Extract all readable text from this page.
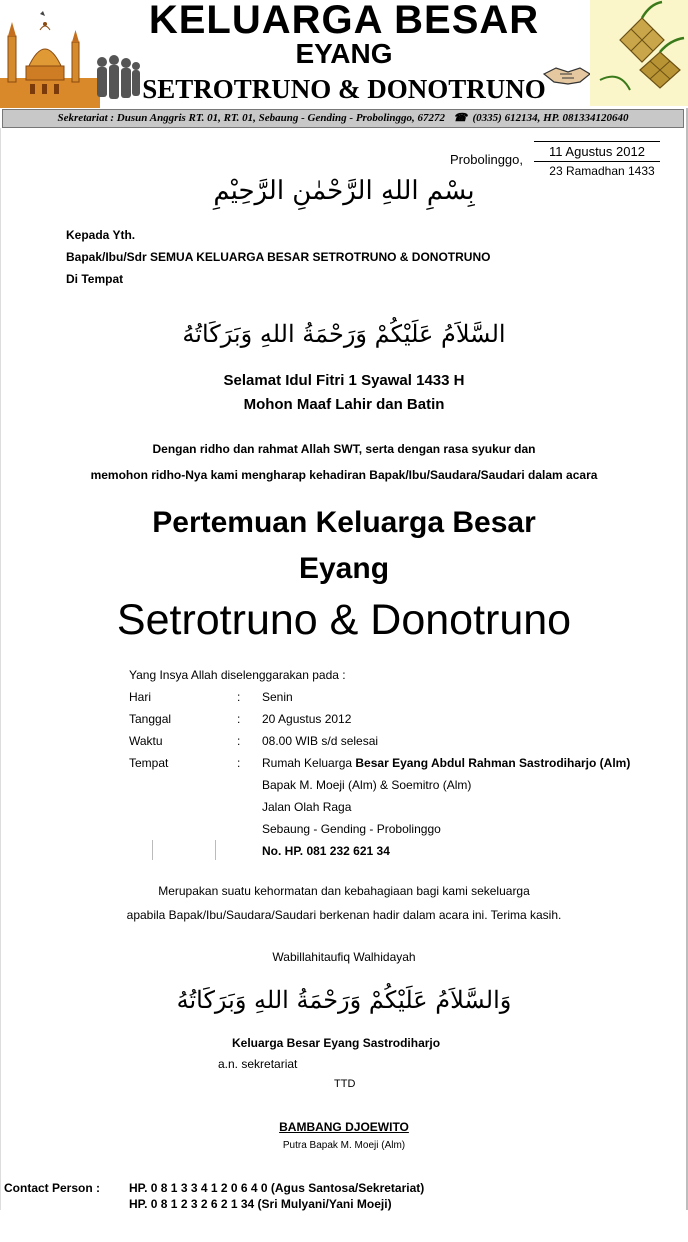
KELUARGA BESAR
EYANG
SETROTRUNO & DONOTRUNO
Sekretariat : Dusun Anggris RT. 01, RT. 01, Sebaung - Gending - Probolinggo, 67272   ☎  (0335) 612134, HP. 081334120640
11 Agustus 2012
Probolinggo,
23 Ramadhan 1433
بِسْمِ اللهِ الرَّحْمٰنِ الرَّحِيْمِ
Kepada Yth.
Bapak/Ibu/Sdr SEMUA KELUARGA BESAR SETROTRUNO & DONOTRUNO
Di Tempat
السَّلاَمُ عَلَيْكُمْ وَرَحْمَةُ اللهِ وَبَرَكَاتُهُ
Selamat Idul Fitri 1 Syawal 1433 H
Mohon Maaf Lahir dan Batin
Dengan ridho dan rahmat Allah SWT, serta dengan rasa syukur dan
memohon ridho-Nya kami mengharap kehadiran Bapak/Ibu/Saudara/Saudari dalam acara
Pertemuan Keluarga Besar
Eyang
Setrotruno & Donotruno
Yang Insya Allah diselenggarakan pada :
Hari	: Senin
Tanggal	: 20 Agustus 2012
Waktu	: 08.00 WIB s/d selesai
Tempat	: Rumah Keluarga Besar Eyang Abdul Rahman Sastrodiharjo (Alm)
Bapak M. Moeji (Alm) & Soemitro (Alm)
Jalan Olah Raga
Sebaung - Gending - Probolinggo
No. HP. 081 232 621 34
Merupakan suatu kehormatan dan kebahagiaan bagi kami sekeluarga
apabila Bapak/Ibu/Saudara/Saudari berkenan hadir dalam acara ini. Terima kasih.
Wabillahitaufiq Walhidayah
وَالسَّلاَمُ عَلَيْكُمْ وَرَحْمَةُ اللهِ وَبَرَكَاتُهُ
Keluarga Besar Eyang Sastrodiharjo
a.n. sekretariat
TTD
BAMBANG DJOEWITO
Putra Bapak M. Moeji (Alm)
Contact Person : HP. 0 8 1 3 3 4 1 2 0 6 4 0 (Agus Santosa/Sekretariat)
HP. 0 8 1 2 3 2 6 2 1 34 (Sri Mulyani/Yani Moeji)
